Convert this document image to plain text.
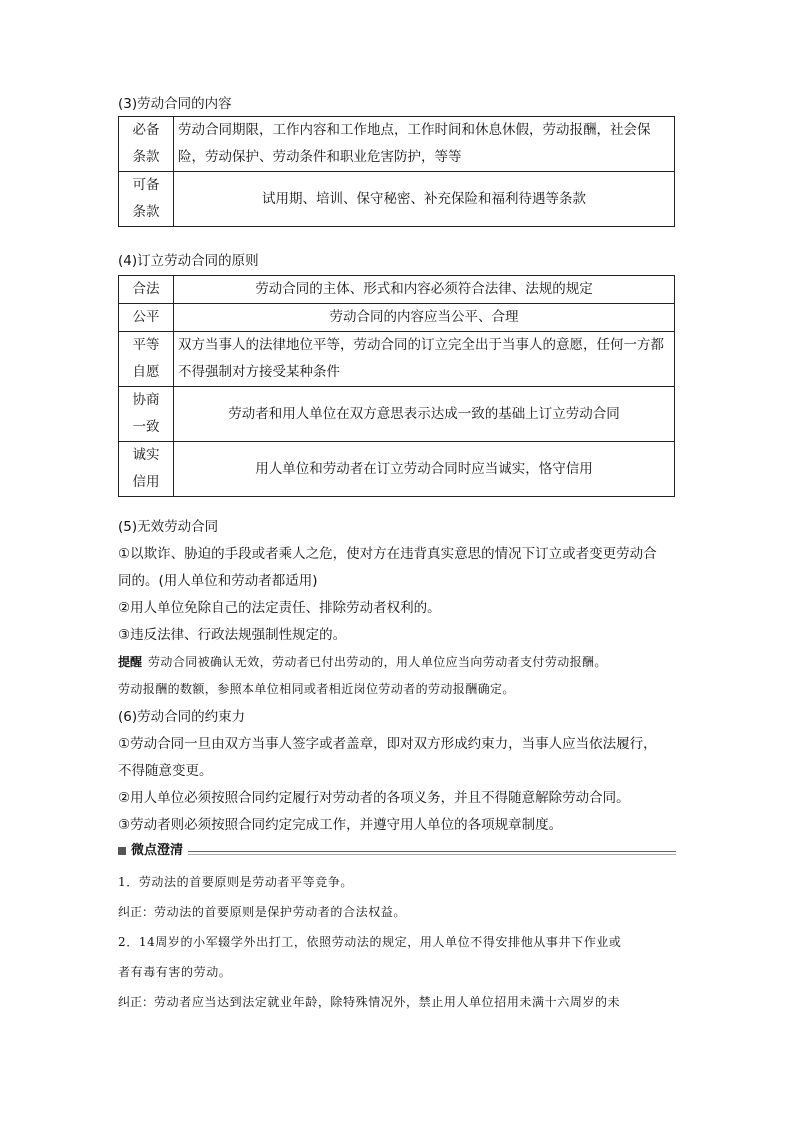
(3)劳动合同的内容

必备
条款	劳动合同期限，工作内容和工作地点，工作时间和休息休假，劳动报酬，社会保险，劳动保护、劳动条件和职业危害防护，等等
可备
条款	试用期、培训、保守秘密、补充保险和福利待遇等条款

(4)订立劳动合同的原则

合法	劳动合同的主体、形式和内容必须符合法律、法规的规定
公平	劳动合同的内容应当公平、合理
平等
自愿	双方当事人的法律地位平等，劳动合同的订立完全出于当事人的意愿，任何一方都不得强制对方接受某种条件
协商
一致	劳动者和用人单位在双方意思表示达成一致的基础上订立劳动合同
诚实
信用	用人单位和劳动者在订立劳动合同时应当诚实，恪守信用

(5)无效劳动合同

①以欺诈、胁迫的手段或者乘人之危，使对方在违背真实意思的情况下订立或者变更劳动合

同的。(用人单位和劳动者都适用)

②用人单位免除自己的法定责任、排除劳动者权利的。

③违反法律、行政法规强制性规定的。

提醒 劳动合同被确认无效，劳动者已付出劳动的，用人单位应当向劳动者支付劳动报酬。

劳动报酬的数额，参照本单位相同或者相近岗位劳动者的劳动报酬确定。

(6)劳动合同的约束力

①劳动合同一旦由双方当事人签字或者盖章，即对双方形成约束力，当事人应当依法履行，

不得随意变更。

②用人单位必须按照合同约定履行对劳动者的各项义务，并且不得随意解除劳动合同。

③劳动者则必须按照合同约定完成工作，并遵守用人单位的各项规章制度。

微点澄清

1．劳动法的首要原则是劳动者平等竞争。

纠正：劳动法的首要原则是保护劳动者的合法权益。

2．14周岁的小军辍学外出打工，依照劳动法的规定，用人单位不得安排他从事井下作业或

者有毒有害的劳动。

纠正：劳动者应当达到法定就业年龄，除特殊情况外，禁止用人单位招用未满十六周岁的未
